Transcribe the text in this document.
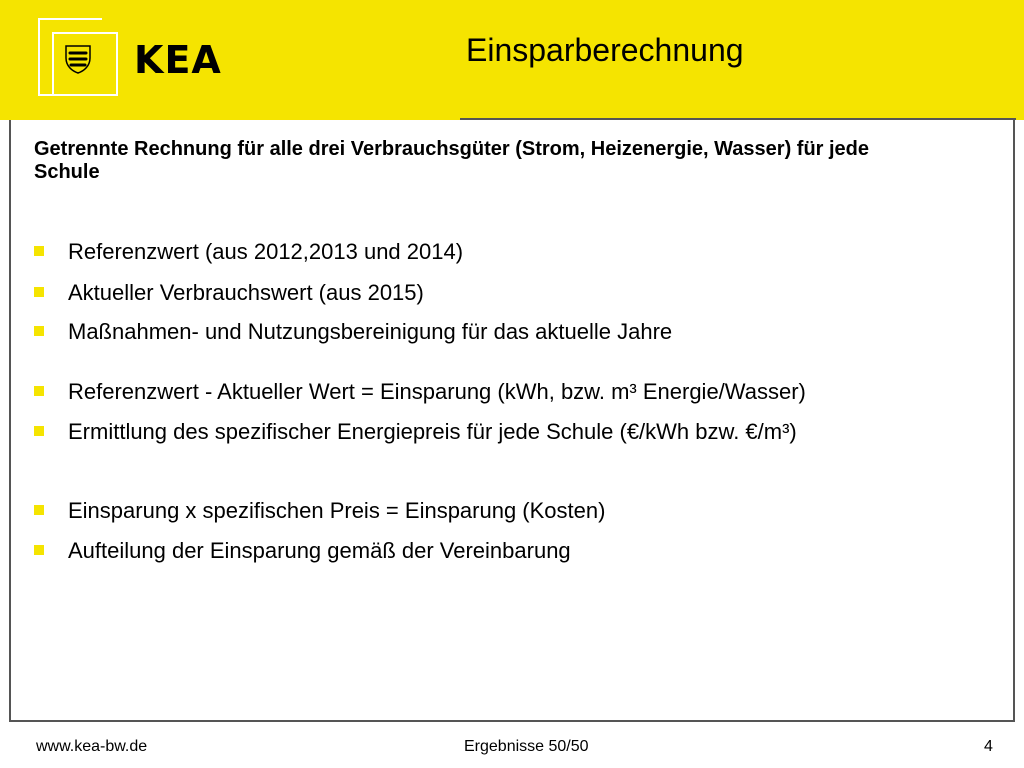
KEA	Einsparberechnung
Getrennte Rechnung für alle drei Verbrauchsgüter (Strom, Heizenergie, Wasser) für jede Schule
Referenzwert (aus 2012,2013 und 2014)
Aktueller Verbrauchswert (aus 2015)
Maßnahmen- und Nutzungsbereinigung für das aktuelle Jahre
Referenzwert - Aktueller Wert = Einsparung (kWh, bzw. m³ Energie/Wasser)
Ermittlung des spezifischer Energiepreis für jede Schule (€/kWh bzw. €/m³)
Einsparung x spezifischen Preis = Einsparung (Kosten)
Aufteilung der Einsparung gemäß der Vereinbarung
www.kea-bw.de	Ergebnisse 50/50	4
